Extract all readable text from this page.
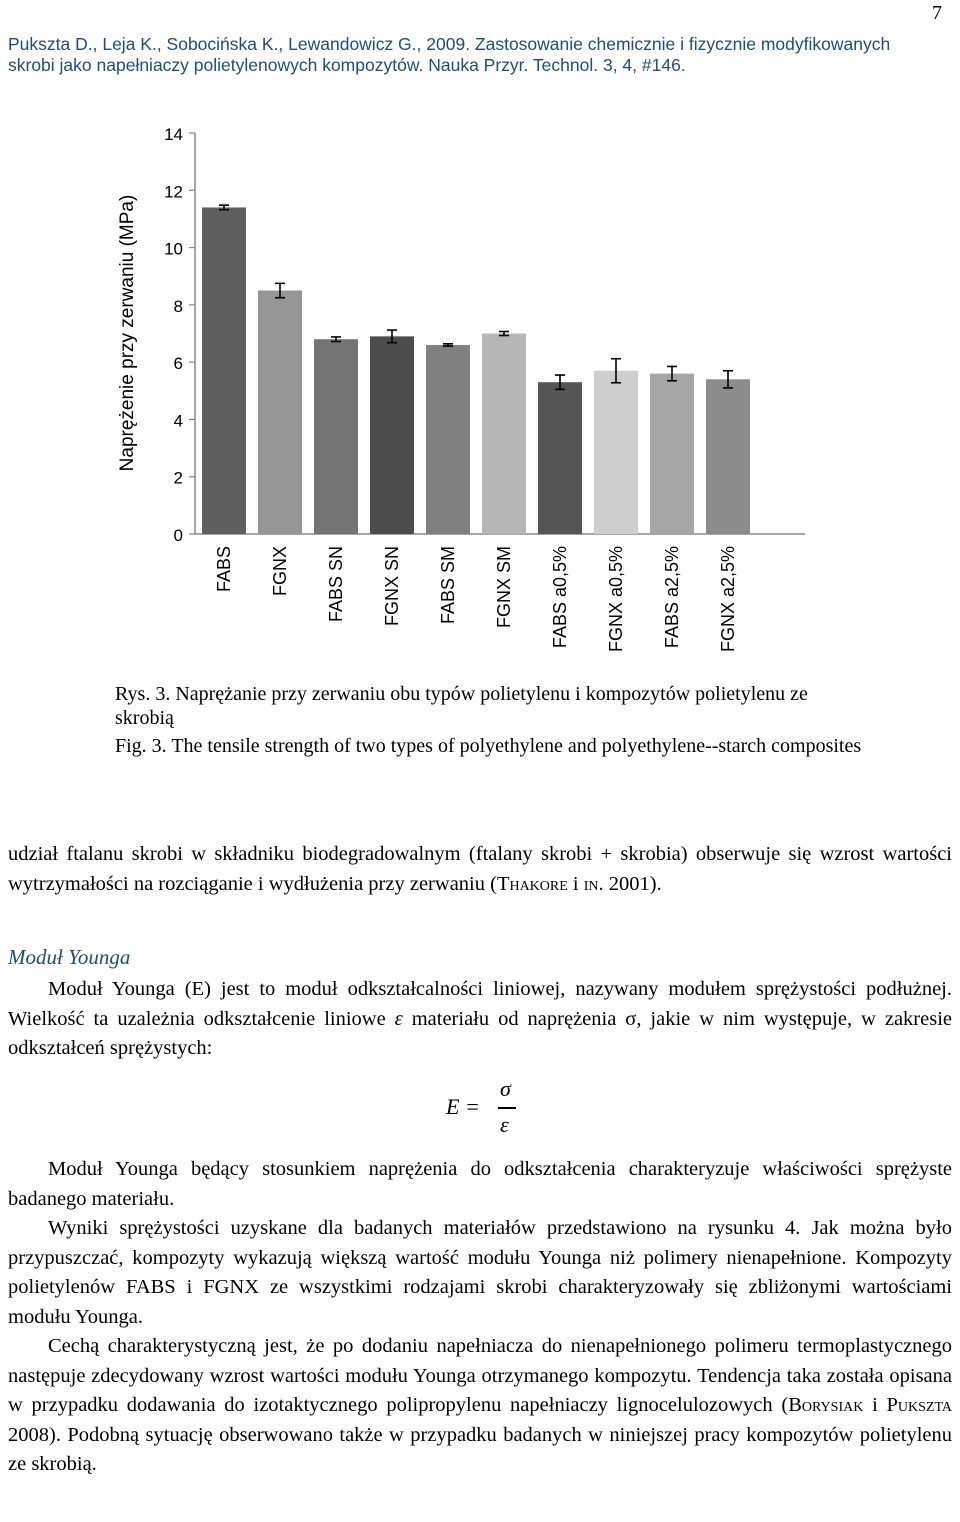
7
Pukszta D., Leja K., Sobocińska K., Lewandowicz G., 2009. Zastosowanie chemicznie i fizycznie modyfikowanych
skrobi jako napełniaczy polietylenowych kompozytów. Nauka Przyr. Technol. 3, 4, #146.
0
2
4
6
8
10
12
14
FABS FGNX FABS SN FGNX SN FABS SM FGNX SM FABS a0,5% FGNX a0,5% FABS a2,5% FGNX a2,5%
Naprężenie przy zerwaniu (MPa)
Rys. 3. Naprężanie przy zerwaniu obu typów polietylenu i kompozytów polietylenu ze skrobią
Fig. 3. The tensile strength of two types of polyethylene and polyethylene--starch composites
udział ftalanu skrobi w składniku biodegradowalnym (ftalany skrobi + skrobia) obserwuje się wzrost wartości wytrzymałości na rozciąganie i wydłużenia przy zerwaniu (Thakore i in. 2001).
Moduł Younga
Moduł Younga (E) jest to moduł odkształcalności liniowej, nazywany modułem sprężystości podłużnej. Wielkość ta uzależnia odkształcenie liniowe ε materiału od naprężenia σ, jakie w nim występuje, w zakresie odkształceń sprężystych:
E =
σ
ε
Moduł Younga będący stosunkiem naprężenia do odkształcenia charakteryzuje właściwości sprężyste badanego materiału.
Wyniki sprężystości uzyskane dla badanych materiałów przedstawiono na rysunku 4. Jak można było przypuszczać, kompozyty wykazują większą wartość modułu Younga niż polimery nienapełnione. Kompozyty polietylenów FABS i FGNX ze wszystkimi rodzajami skrobi charakteryzowały się zbliżonymi wartościami modułu Younga.
Cechą charakterystyczną jest, że po dodaniu napełniacza do nienapełnionego polimeru termoplastycznego następuje zdecydowany wzrost wartości modułu Younga otrzymanego kompozytu. Tendencja taka została opisana w przypadku dodawania do izotaktycznego polipropylenu napełniaczy lignocelulozowych (Borysiak i Pukszta 2008). Podobną sytuację obserwowano także w przypadku badanych w niniejszej pracy kompozytów polietylenu ze skrobią.
